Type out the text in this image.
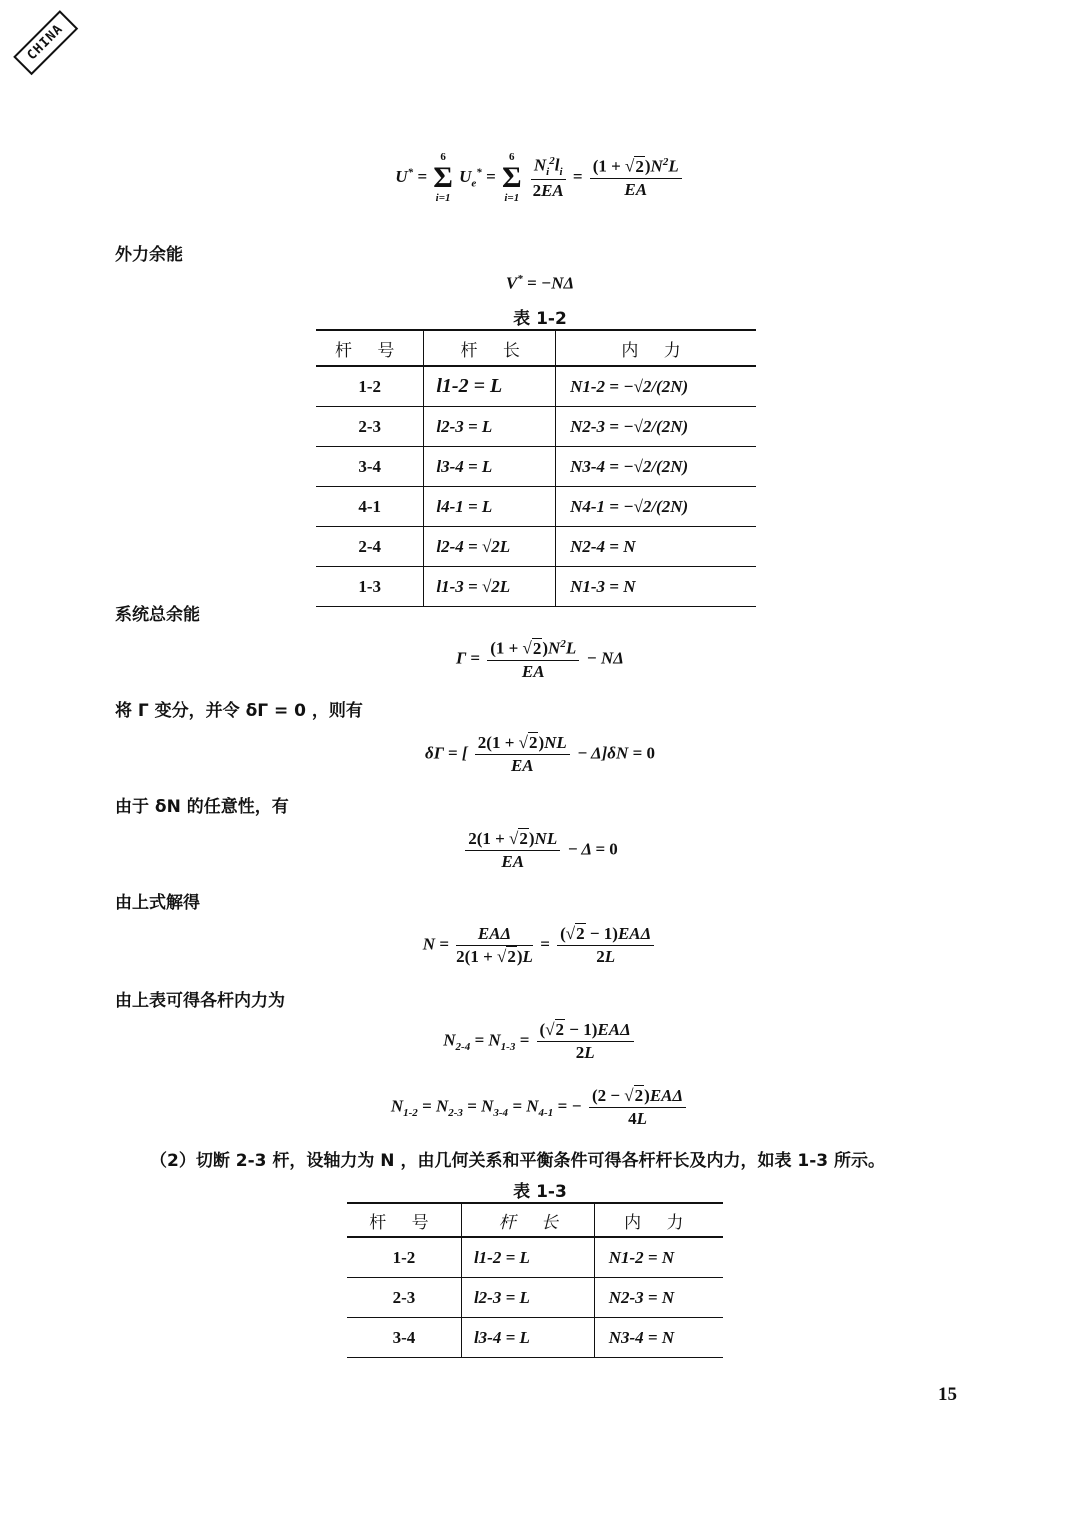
CHINA
U* =
6
Σ
i=1
$U_e^*$ =
6
Σ
i=1
$\frac{N_i^2l_i}{2EA} = \frac{(1 + √2)N^2L}{EA}$
外力余能
V* = −NΔ
表 1-2
杆 号	杆 长	内 力
1-2	l1-2 = L	N1-2 = −√2/(2N)
2-3	l2-3 = L	N2-3 = −√2/(2N)
3-4	l3-4 = L	N3-4 = −√2/(2N)
4-1	l4-1 = L	N4-1 = −√2/(2N)
2-4	l2-4 = √2L	N2-4 = N
1-3	l1-3 = √2L	N1-3 = N
系统总余能
$\Gamma = \frac{(1 + √2)N^2L}{EA} - N\Delta$
将 Γ 变分，并令 δΓ = 0 ，则有
δΓ = [ $\frac{2(1 + √2)NL}{EA} - \Delta]\delta N = 0$
由于 δN 的任意性，有
$\frac{2(1 + √2)NL}{EA} - \Delta = 0$
由上式解得
$N = \frac{\text{EAΔ}}{2(1 + √2)L} = \frac{\text{(√2 − 1)EAΔ}}{2L}$
由上表可得各杆内力为
$N_{2-4} = N_{1-3} = \frac{\text{(√2 − 1)EAΔ}}{2L}$
$N_{1-2} = N_{2-3} = N_{3-4} = N_{4-1}$ = − $\frac{\text{(2 − √2)EAΔ}}{4L}$
（2）切断 2-3 杆，设轴力为 N ，由几何关系和平衡条件可得各杆杆长及内力，如表 1-3 所示。
表 1-3
杆 号	杆 长	内 力
1-2	l1-2 = L	N1-2 = N
2-3	l2-3 = L	N2-3 = N
3-4	l3-4 = L	N3-4 = N
15
